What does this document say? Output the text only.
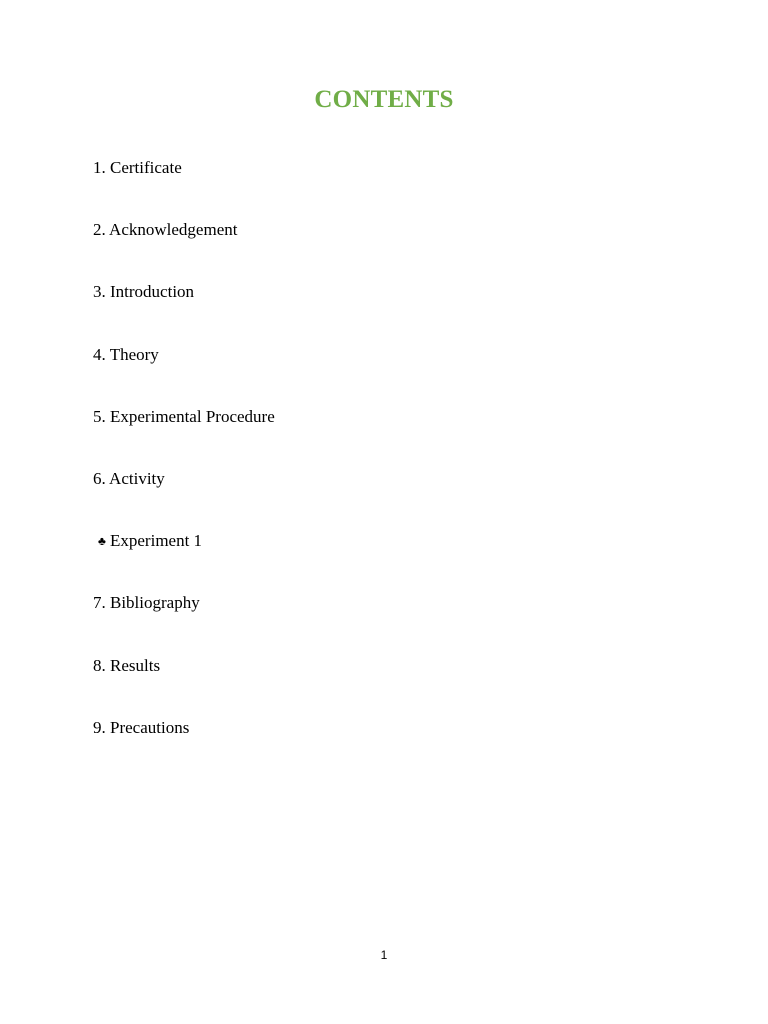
CONTENTS
1. Certificate
2. Acknowledgement
3. Introduction
4. Theory
5. Experimental Procedure
6. Activity
♣ Experiment 1
7. Bibliography
8. Results
9. Precautions
1
